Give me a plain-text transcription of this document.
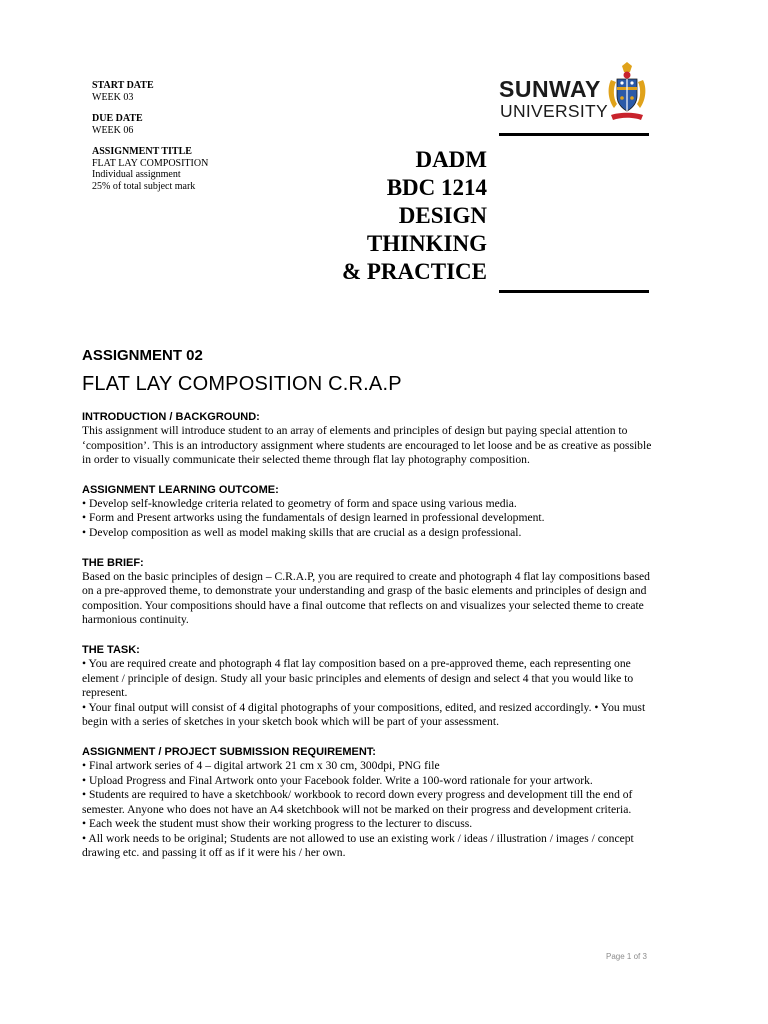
START DATE
WEEK 03
DUE DATE
WEEK 06
ASSIGNMENT TITLE
FLAT LAY COMPOSITION
Individual assignment
25% of total subject mark
SUNWAY
UNIVERSITY
DADM
BDC 1214
DESIGN
THINKING
& PRACTICE
ASSIGNMENT 02
FLAT LAY COMPOSITION C.R.A.P
INTRODUCTION / BACKGROUND:

This assignment will introduce student to an array of elements and principles of design but paying special attention to ‘composition’. This is an introductory assignment where students are encouraged to let loose and be as creative as possible in order to visually communicate their selected theme through flat lay photography composition.

ASSIGNMENT LEARNING OUTCOME:
• Develop self-knowledge criteria related to geometry of form and space using various media.
• Form and Present artworks using the fundamentals of design learned in professional development.
• Develop composition as well as model making skills that are crucial as a design professional.
THE BRIEF:

Based on the basic principles of design – C.R.A.P, you are required to create and photograph 4 flat lay compositions based on a pre-approved theme, to demonstrate your understanding and grasp of the basic elements and principles of design and composition. Your compositions should have a final outcome that reflects on and visualizes your selected theme to create harmonious continuity.

THE TASK:
• You are required create and photograph 4 flat lay composition based on a pre-approved theme, each representing one element / principle of design. Study all your basic principles and elements of design and select 4 that you would like to represent.
• Your final output will consist of 4 digital photographs of your compositions, edited, and resized accordingly. • You must begin with a series of sketches in your sketch book which will be part of your assessment.
ASSIGNMENT / PROJECT SUBMISSION REQUIREMENT:
• Final artwork series of 4 – digital artwork 21 cm x 30 cm, 300dpi, PNG file
• Upload Progress and Final Artwork onto your Facebook folder. Write a 100-word rationale for your artwork.
• Students are required to have a sketchbook/ workbook to record down every progress and development till the end of semester. Anyone who does not have an A4 sketchbook will not be marked on their progress and development criteria.
• Each week the student must show their working progress to the lecturer to discuss.
• All work needs to be original; Students are not allowed to use an existing work / ideas / illustration / images / concept drawing etc. and passing it off as if it were his / her own.
Page 1 of 3
